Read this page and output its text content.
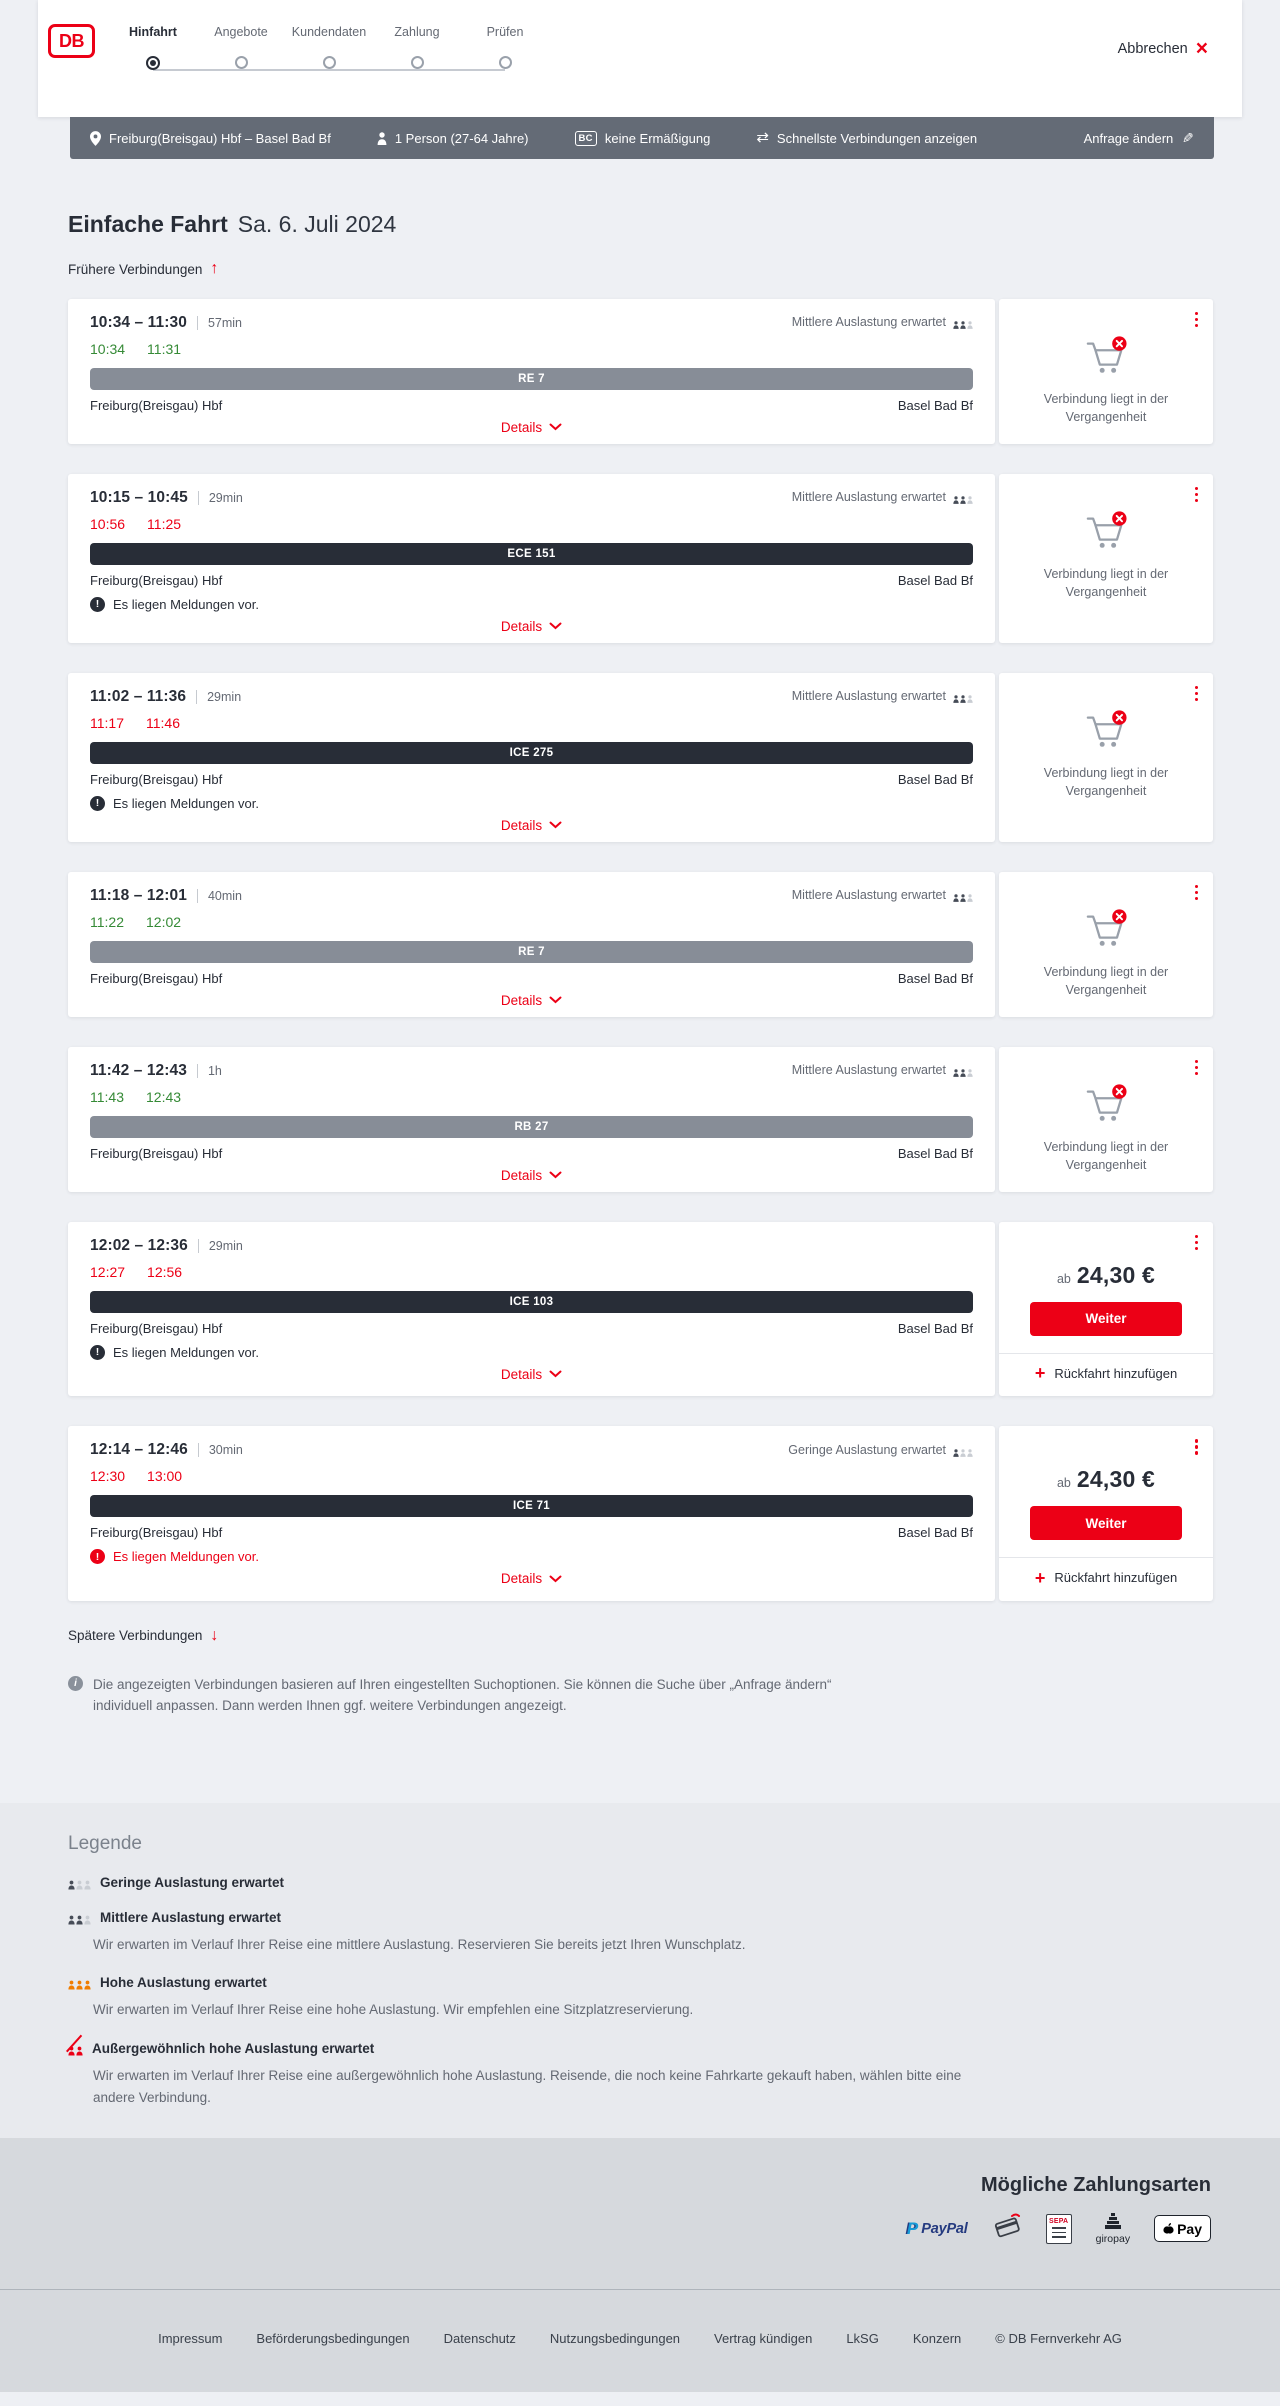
DB	Hinfahrt	Angebote	Kundendaten	Zahlung	Prüfen
Abbrechen ×
Freiburg(Breisgau) Hbf – Basel Bad Bf	1 Person (27-64 Jahre)	BC keine Ermäßigung	⇄ Schnellste Verbindungen anzeigen	Anfrage ändern ✎
Einfache Fahrt Sa. 6. Juli 2024
Frühere Verbindungen ↑
10:34 – 11:30 57min	Mittlere Auslastung erwartet
10:34 11:31
RE 7
Freiburg(Breisgau) Hbf	Basel Bad Bf
Details

Verbindung liegt in der Vergangenheit

10:15 – 10:45 29min	Mittlere Auslastung erwartet
10:56 11:25
ECE 151
Freiburg(Breisgau) Hbf	Basel Bad Bf
!	Es liegen Meldungen vor.
Details

Verbindung liegt in der Vergangenheit

11:02 – 11:36 29min	Mittlere Auslastung erwartet
11:17 11:46
ICE 275
Freiburg(Breisgau) Hbf	Basel Bad Bf
!	Es liegen Meldungen vor.
Details

Verbindung liegt in der Vergangenheit

11:18 – 12:01 40min	Mittlere Auslastung erwartet
11:22 12:02
RE 7
Freiburg(Breisgau) Hbf	Basel Bad Bf
Details

Verbindung liegt in der Vergangenheit

11:42 – 12:43 1h	Mittlere Auslastung erwartet
11:43 12:43
RB 27
Freiburg(Breisgau) Hbf	Basel Bad Bf
Details

Verbindung liegt in der Vergangenheit

12:02 – 12:36 29min
12:27 12:56
ICE 103
Freiburg(Breisgau) Hbf	Basel Bad Bf
!	Es liegen Meldungen vor.
Details
ab 24,30 €
Weiter
+ Rückfahrt hinzufügen
12:14 – 12:46 30min	Geringe Auslastung erwartet
12:30 13:00
ICE 71
Freiburg(Breisgau) Hbf	Basel Bad Bf
!	Es liegen Meldungen vor.
Details
ab 24,30 €
Weiter
+ Rückfahrt hinzufügen
Spätere Verbindungen ↓
i	Die angezeigten Verbindungen basieren auf Ihren eingestellten Suchoptionen. Sie können die Suche über „Anfrage ändern“ individuell anpassen. Dann werden Ihnen ggf. weitere Verbindungen angezeigt.

Legende
Geringe Auslastung erwartet
Mittlere Auslastung erwartet

Wir erwarten im Verlauf Ihrer Reise eine mittlere Auslastung. Reservieren Sie bereits jetzt Ihren Wunschplatz.

Hohe Auslastung erwartet

Wir erwarten im Verlauf Ihrer Reise eine hohe Auslastung. Wir empfehlen eine Sitzplatzreservierung.

Außergewöhnlich hohe Auslastung erwartet

Wir erwarten im Verlauf Ihrer Reise eine außergewöhnlich hohe Auslastung. Reisende, die noch keine Fahrkarte gekauft haben, wählen bitte eine andere Verbindung.

Mögliche Zahlungsarten
P PayPal	SEPA
giropay
Pay
Impressum	Beförderungsbedingungen	Datenschutz	Nutzungsbedingungen	Vertrag kündigen	LkSG	Konzern	© DB Fernverkehr AG
